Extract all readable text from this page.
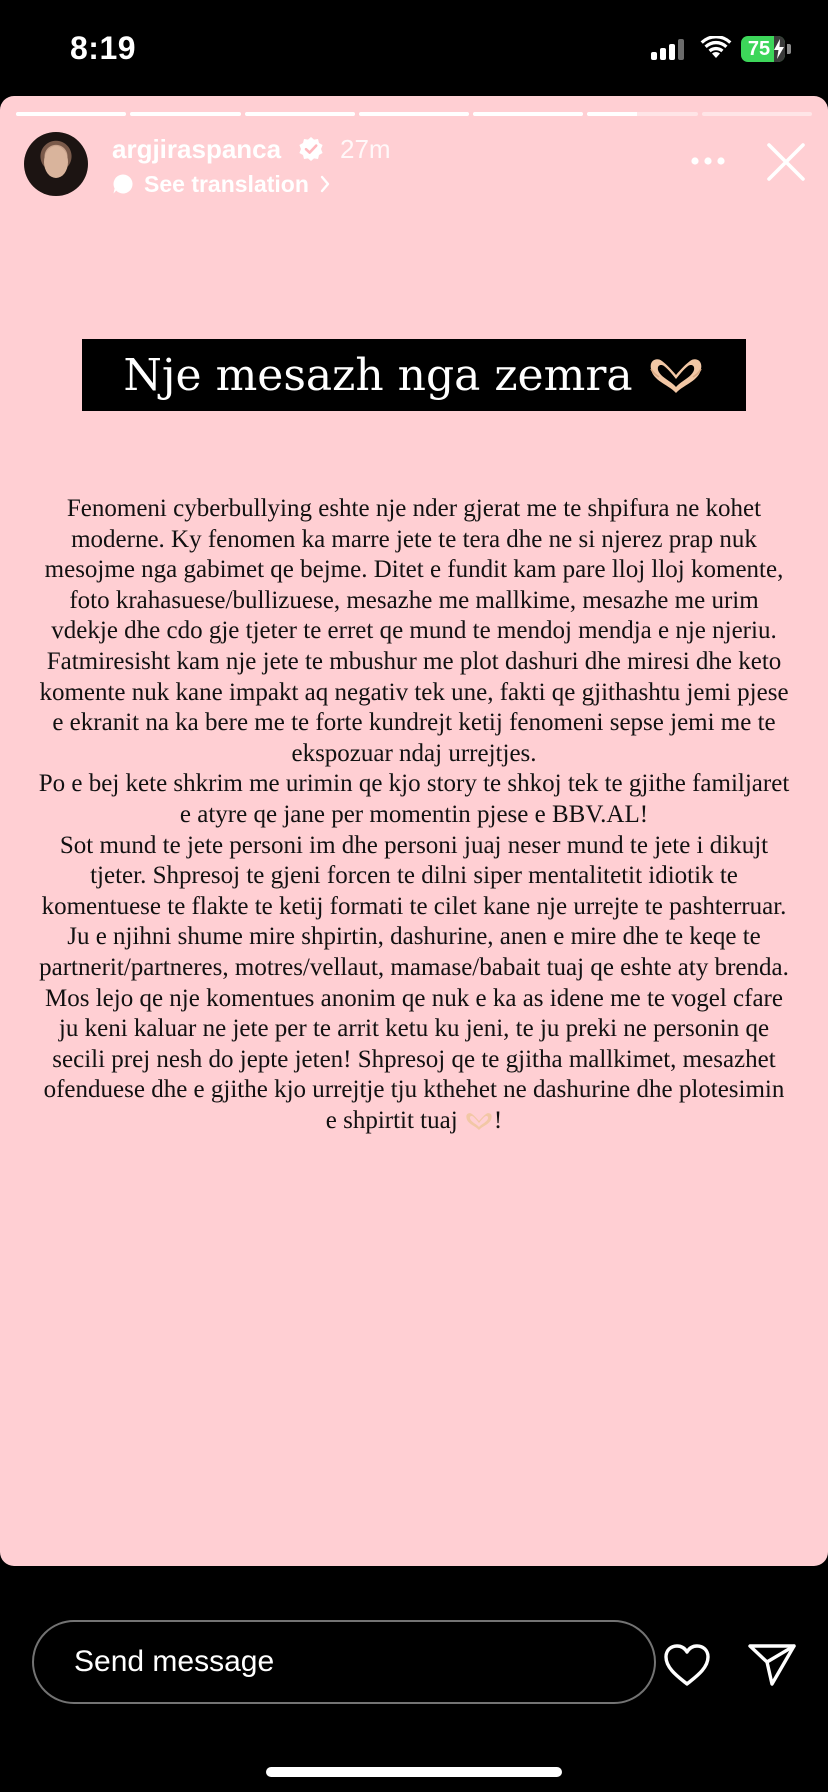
8:19	75
argjiraspanca 27m
See translation
Nje mesazh nga zemra

Fenomeni cyberbullying eshte nje nder gjerat me te shpifura ne kohet moderne. Ky fenomen ka marre jete te tera dhe ne si njerez prap nuk mesojme nga gabimet qe bejme. Ditet e fundit kam pare lloj lloj komente, foto krahasuese/bullizuese, mesazhe me mallkime, mesazhe me urim vdekje dhe cdo gje tjeter te erret qe mund te mendoj mendja e nje njeriu. Fatmiresisht kam nje jete te mbushur me plot dashuri dhe miresi dhe keto komente nuk kane impakt aq negativ tek une, fakti qe gjithashtu jemi pjese e ekranit na ka bere me te forte kundrejt ketij fenomeni sepse jemi me te ekspozuar ndaj urrejtjes.

Po e bej kete shkrim me urimin qe kjo story te shkoj tek te gjithe familjaret e atyre qe jane per momentin pjese e BBV.AL!

Sot mund te jete personi im dhe personi juaj neser mund te jete i dikujt tjeter. Shpresoj te gjeni forcen te dilni siper mentalitetit idiotik te komentuese te flakte te ketij formati te cilet kane nje urrejte te pashterruar. Ju e njihni shume mire shpirtin, dashurine, anen e mire dhe te keqe te partnerit/partneres, motres/vellaut, mamase/babait tuaj qe eshte aty brenda.

Mos lejo qe nje komentues anonim qe nuk e ka as idene me te vogel cfare ju keni kaluar ne jete per te arrit ketu ku jeni, te ju preki ne personin qe secili prej nesh do jepte jeten! Shpresoj qe te gjitha mallkimet, mesazhet ofenduese dhe e gjithe kjo urrejtje tju kthehet ne dashurine dhe plotesimin e shpirtit tuaj !

Send message
